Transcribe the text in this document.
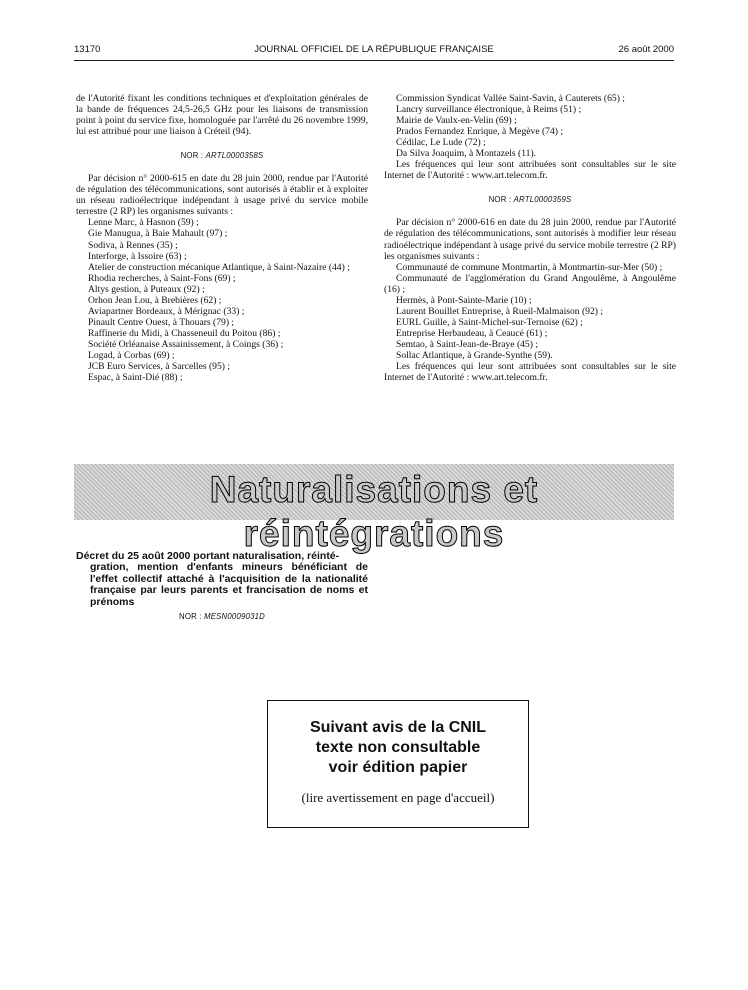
13170	JOURNAL OFFICIEL DE LA RÉPUBLIQUE FRANÇAISE	26 août 2000

de l'Autorité fixant les conditions techniques et d'exploitation générales de la bande de fréquences 24,5-26,5 GHz pour les liaisons de transmission point à point du service fixe, homologuée par l'arrêté du 26 novembre 1999, lui est attribué pour une liaison à Créteil (94).

NOR : ARTL0000358S

Par décision n° 2000-615 en date du 28 juin 2000, rendue par l'Autorité de régulation des télécommunications, sont autorisés à établir et à exploiter un réseau radioélectrique indépendant à usage privé du service mobile terrestre (2 RP) les organismes suivants :

Lenne Marc, à Hasnon (59) ;

Gie Manugua, à Baie Mahault (97) ;

Sodiva, à Rennes (35) ;

Interforge, à Issoire (63) ;

Atelier de construction mécanique Atlantique, à Saint-Nazaire (44) ;

Rhodia recherches, à Saint-Fons (69) ;

Altys gestion, à Puteaux (92) ;

Orhon Jean Lou, à Brebières (62) ;

Aviapartner Bordeaux, à Mérignac (33) ;

Pinault Centre Ouest, à Thouars (79) ;

Raffinerie du Midi, à Chasseneuil du Poitou (86) ;

Société Orléanaise Assainissement, à Coings (36) ;

Logad, à Corbas (69) ;

JCB Euro Services, à Sarcelles (95) ;

Espac, à Saint-Dié (88) ;

Commission Syndicat Vallée Saint-Savin, à Cauterets (65) ;

Lancry surveillance électronique, à Reims (51) ;

Mairie de Vaulx-en-Velin (69) ;

Prados Fernandez Enrique, à Megève (74) ;

Cédilac, Le Lude (72) ;

Da Silva Joaquim, à Montazels (11).

Les fréquences qui leur sont attribuées sont consultables sur le site Internet de l'Autorité : www.art.telecom.fr.

NOR : ARTL0000359S

Par décision n° 2000-616 en date du 28 juin 2000, rendue par l'Autorité de régulation des télécommunications, sont autorisés à modifier leur réseau radioélectrique indépendant à usage privé du service mobile terrestre (2 RP) les organismes suivants :

Communauté de commune Montmartin, à Montmartin-sur-Mer (50) ;

Communauté de l'agglomération du Grand Angoulême, à Angoulême (16) ;

Hermès, à Pont-Sainte-Marie (10) ;

Laurent Bouillet Entreprise, à Rueil-Malmaison (92) ;

EURL Guille, à Saint-Michel-sur-Ternoise (62) ;

Entreprise Herbaudeau, à Ceaucé (61) ;

Semtao, à Saint-Jean-de-Braye (45) ;

Sollac Atlantique, à Grande-Synthe (59).

Les fréquences qui leur sont attribuées sont consultables sur le site Internet de l'Autorité : www.art.telecom.fr.

Naturalisations et réintégrations
Décret du 25 août 2000 portant naturalisation, réinté-
gration, mention d'enfants mineurs bénéficiant de l'effet collectif attaché à l'acquisition de la nationalité française par leurs parents et francisation de noms et prénoms
NOR : MESN0009031D
Suivant avis de la CNIL
texte non consultable
voir édition papier
(lire avertissement en page d'accueil)
